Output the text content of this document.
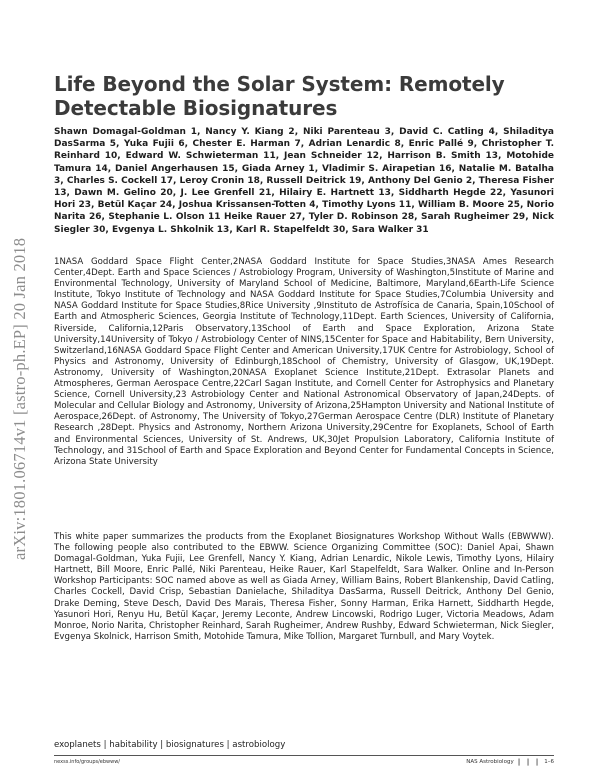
arXiv:1801.06714v1 [astro-ph.EP] 20 Jan 2018
Life Beyond the Solar System: Remotely Detectable Biosignatures
Shawn Domagal-Goldman 1, Nancy Y. Kiang 2, Niki Parenteau 3, David C. Catling 4, Shiladitya DasSarma 5, Yuka Fujii 6, Chester E. Harman 7, Adrian Lenardic 8, Enric Pallé 9, Christopher T. Reinhard 10, Edward W. Schwieterman 11, Jean Schneider 12, Harrison B. Smith 13, Motohide Tamura 14, Daniel Angerhausen 15, Giada Arney 1, Vladimir S. Airapetian 16, Natalie M. Batalha 3, Charles S. Cockell 17, Leroy Cronin 18, Russell Deitrick 19, Anthony Del Genio 2, Theresa Fisher 13, Dawn M. Gelino 20, J. Lee Grenfell 21, Hilairy E. Hartnett 13, Siddharth Hegde 22, Yasunori Hori 23, Betül Kaçar 24, Joshua Krissansen-Totten 4, Timothy Lyons 11, William B. Moore 25, Norio Narita 26, Stephanie L. Olson 11 Heike Rauer 27, Tyler D. Robinson 28, Sarah Rugheimer 29, Nick Siegler 30, Evgenya L. Shkolnik 13, Karl R. Stapelfeldt 30, Sara Walker 31
1NASA Goddard Space Flight Center,2NASA Goddard Institute for Space Studies,3NASA Ames Research Center,4Dept. Earth and Space Sciences / Astrobiology Program, University of Washington,5Institute of Marine and Environmental Technology, University of Maryland School of Medicine, Baltimore, Maryland,6Earth-Life Science Institute, Tokyo Institute of Technology and NASA Goddard Institute for Space Studies,7Columbia University and NASA Goddard Institute for Space Studies,8Rice University ,9Instituto de Astrofísica de Canaria, Spain,10School of Earth and Atmospheric Sciences, Georgia Institute of Technology,11Dept. Earth Sciences, University of California, Riverside, California,12Paris Observatory,13School of Earth and Space Exploration, Arizona State University,14University of Tokyo / Astrobiology Center of NINS,15Center for Space and Habitability, Bern University, Switzerland,16NASA Goddard Space Flight Center and American University,17UK Centre for Astrobiology, School of Physics and Astronomy, University of Edinburgh,18School of Chemistry, University of Glasgow, UK,19Dept. Astronomy, University of Washington,20NASA Exoplanet Science Institute,21Dept. Extrasolar Planets and Atmospheres, German Aerospace Centre,22Carl Sagan Institute, and Cornell Center for Astrophysics and Planetary Science, Cornell University,23 Astrobiology Center and National Astronomical Observatory of Japan,24Depts. of Molecular and Cellular Biology and Astronomy, University of Arizona,25Hampton University and National Institute of Aerospace,26Dept. of Astronomy, The University of Tokyo,27German Aerospace Centre (DLR) Institute of Planetary Research ,28Dept. Physics and Astronomy, Northern Arizona University,29Centre for Exoplanets, School of Earth and Environmental Sciences, University of St. Andrews, UK,30Jet Propulsion Laboratory, California Institute of Technology, and 31School of Earth and Space Exploration and Beyond Center for Fundamental Concepts in Science, Arizona State University
This white paper summarizes the products from the Exoplanet Biosignatures Workshop Without Walls (EBWWW). The following people also contributed to the EBWW. Science Organizing Committee (SOC): Daniel Apai, Shawn Domagal-Goldman, Yuka Fujii, Lee Grenfell, Nancy Y. Kiang, Adrian Lenardic, Nikole Lewis, Timothy Lyons, Hilairy Hartnett, Bill Moore, Enric Pallé, Niki Parenteau, Heike Rauer, Karl Stapelfeldt, Sara Walker. Online and In-Person Workshop Participants: SOC named above as well as Giada Arney, William Bains, Robert Blankenship, David Catling, Charles Cockell, David Crisp, Sebastian Danielache, Shiladitya DasSarma, Russell Deitrick, Anthony Del Genio, Drake Deming, Steve Desch, David Des Marais, Theresa Fisher, Sonny Harman, Erika Harnett, Siddharth Hegde, Yasunori Hori, Renyu Hu, Betül Kaçar, Jeremy Leconte, Andrew Lincowski, Rodrigo Luger, Victoria Meadows, Adam Monroe, Norio Narita, Christopher Reinhard, Sarah Rugheimer, Andrew Rushby, Edward Schwieterman, Nick Siegler, Evgenya Skolnick, Harrison Smith, Motohide Tamura, Mike Tollion, Margaret Turnbull, and Mary Voytek.
exoplanets | habitability | biosignatures | astrobiology
nexss.info/groups/ebwww/	NAS Astrobiology | | | 1–6
